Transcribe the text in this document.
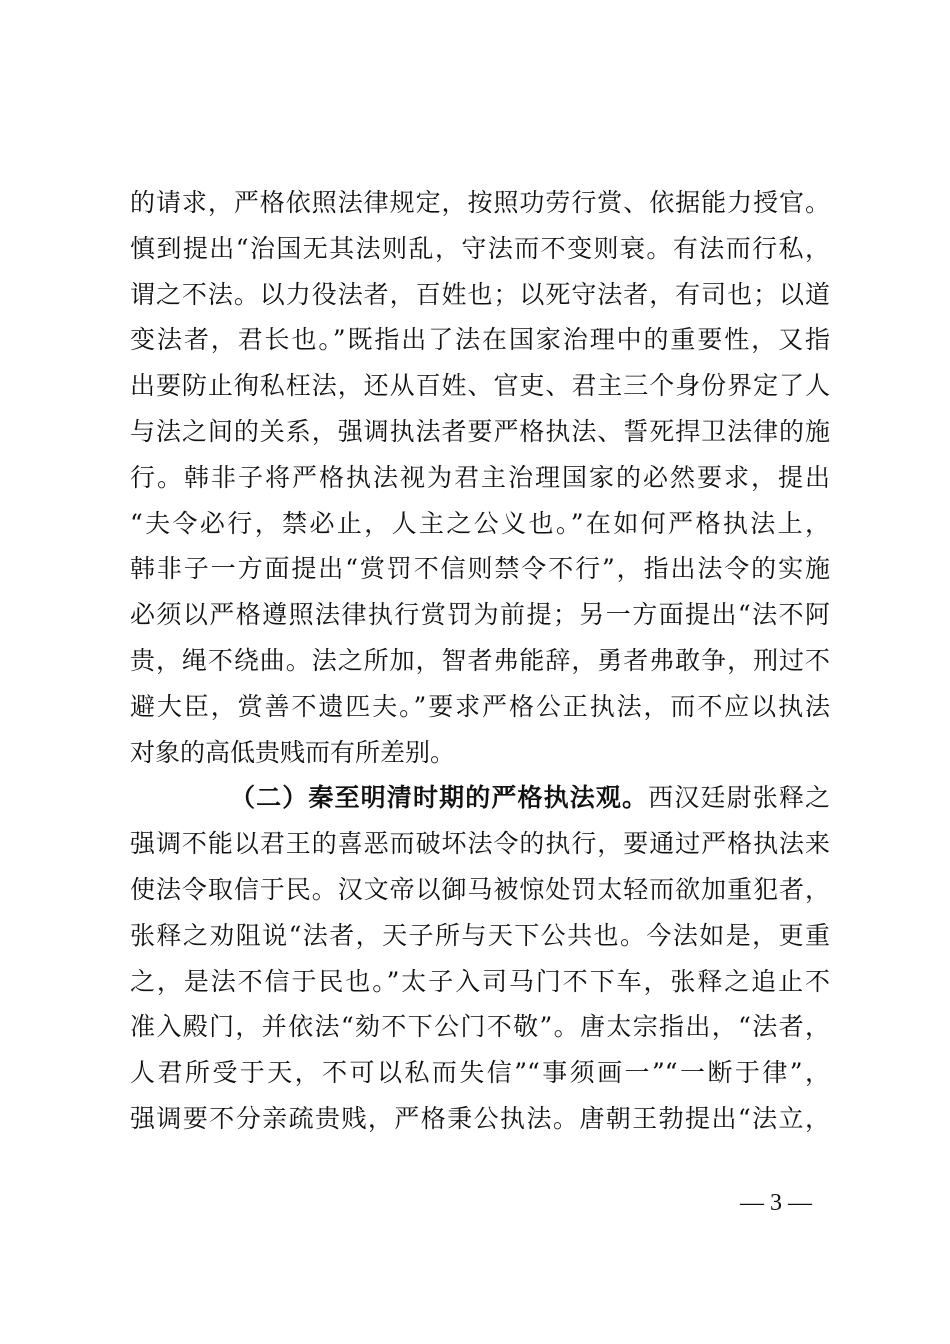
的请求，严格依照法律规定，按照功劳行赏、依据能力授官。
慎到提出“治国无其法则乱，守法而不变则衰。有法而行私，
谓之不法。以力役法者，百姓也；以死守法者，有司也；以道
变法者，君长也。”既指出了法在国家治理中的重要性，又指
出要防止徇私枉法，还从百姓、官吏、君主三个身份界定了人
与法之间的关系，强调执法者要严格执法、誓死捍卫法律的施
行。韩非子将严格执法视为君主治理国家的必然要求，提出
“夫令必行，禁必止，人主之公义也。”在如何严格执法上，
韩非子一方面提出“赏罚不信则禁令不行”，指出法令的实施
必须以严格遵照法律执行赏罚为前提；另一方面提出“法不阿
贵，绳不绕曲。法之所加，智者弗能辞，勇者弗敢争，刑过不
避大臣，赏善不遗匹夫。”要求严格公正执法，而不应以执法
对象的高低贵贱而有所差别。
（二）秦至明清时期的严格执法观。西汉廷尉张释之
强调不能以君王的喜恶而破坏法令的执行，要通过严格执法来
使法令取信于民。汉文帝以御马被惊处罚太轻而欲加重犯者，
张释之劝阻说“法者，天子所与天下公共也。今法如是，更重
之，是法不信于民也。”太子入司马门不下车，张释之追止不
准入殿门，并依法“劾不下公门不敬”。唐太宗指出，“法者，
人君所受于天，不可以私而失信”“事须画一”“一断于律”，
强调要不分亲疏贵贱，严格秉公执法。唐朝王勃提出“法立，
— 3 —
